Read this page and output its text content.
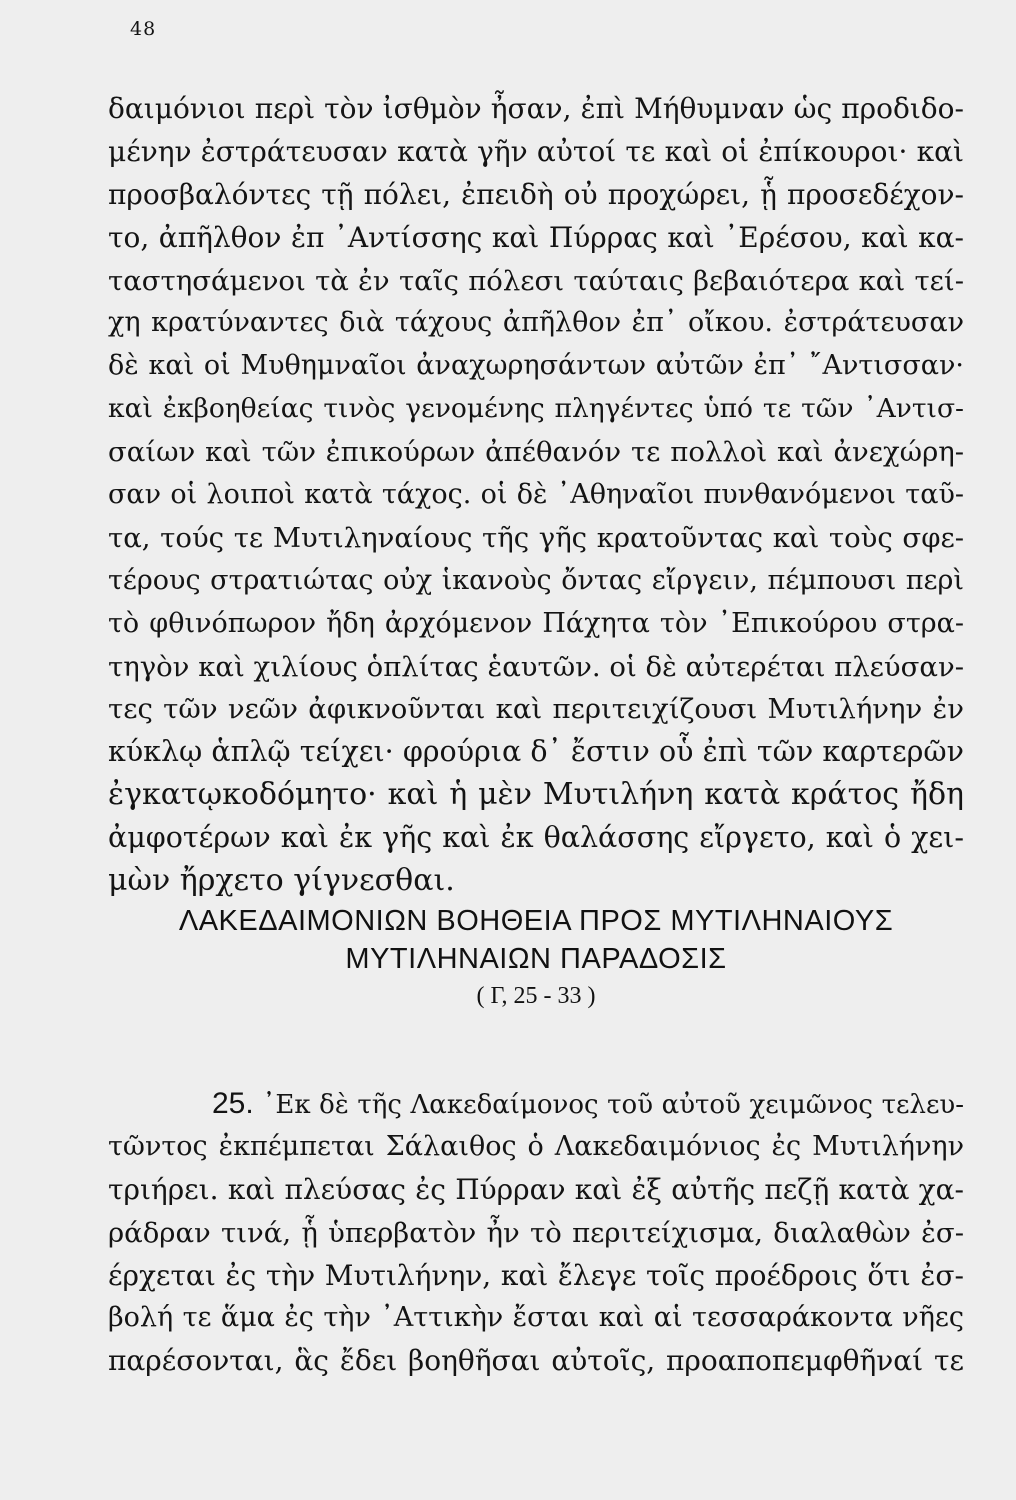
48
δαιμόνιοι περὶ τὸν ἰσθμὸν ἦσαν, ἐπὶ Μήθυμναν ὡς προδιδο-
μένην ἐστράτευσαν κατὰ γῆν αὐτοί τε καὶ οἱ ἐπίκουροι· καὶ
προσβαλόντες τῇ πόλει, ἐπειδὴ οὐ προχώρει, ᾗ προσεδέχον-
το, ἀπῆλθον ἐπ ᾿Αντίσσης καὶ Πύρρας καὶ ᾿Ερέσου, καὶ κα-
ταστησάμενοι τὰ ἐν ταῖς πόλεσι ταύταις βεβαιότερα καὶ τεί-
χη κρατύναντες διὰ τάχους ἀπῆλθον ἐπ᾿ οἴκου. ἐστράτευσαν
δὲ καὶ οἱ Μυθημναῖοι ἀναχωρησάντων αὐτῶν ἐπ᾿ ῎Αντισσαν·
καὶ ἐκβοηθείας τινὸς γενομένης πληγέντες ὑπό τε τῶν ᾿Αντισ-
σαίων καὶ τῶν ἐπικούρων ἀπέθανόν τε πολλοὶ καὶ ἀνεχώρη-
σαν οἱ λοιποὶ κατὰ τάχος. οἱ δὲ ᾿Αθηναῖοι πυνθανόμενοι ταῦ-
τα, τούς τε Μυτιληναίους τῆς γῆς κρατοῦντας καὶ τοὺς σφε-
τέρους στρατιώτας οὐχ ἱκανοὺς ὄντας εἴργειν, πέμπουσι περὶ
τὸ φθινόπωρον ἤδη ἀρχόμενον Πάχητα τὸν ᾿Επικούρου στρα-
τηγὸν καὶ χιλίους ὁπλίτας ἑαυτῶν. οἱ δὲ αὐτερέται πλεύσαν-
τες τῶν νεῶν ἀφικνοῦνται καὶ περιτειχίζουσι Μυτιλήνην ἐν
κύκλῳ ἁπλῷ τείχει· φρούρια δ᾿ ἔστιν οὗ ἐπὶ τῶν καρτερῶν
ἐγκατῳκοδόμητο· καὶ ἡ μὲν Μυτιλήνη κατὰ κράτος ἤδη
ἀμφοτέρων καὶ ἐκ γῆς καὶ ἐκ θαλάσσης εἴργετο, καὶ ὁ χει-
μὼν ἤρχετο γίγνεσθαι.
ΛΑΚΕΔΑΙΜΟΝΙΩΝ ΒΟΗΘΕΙΑ ΠΡΟΣ ΜΥΤΙΛΗΝΑΙΟΥΣ
ΜΥΤΙΛΗΝΑΙΩΝ ΠΑΡΑΔΟΣΙΣ
( Γ, 25 - 33 )
25. ᾿Εκ δὲ τῆς Λακεδαίμονος τοῦ αὐτοῦ χειμῶνος τελευ-
τῶντος ἐκπέμπεται Σάλαιθος ὁ Λακεδαιμόνιος ἐς Μυτιλήνην
τριήρει. καὶ πλεύσας ἐς Πύρραν καὶ ἐξ αὐτῆς πεζῇ κατὰ χα-
ράδραν τινά, ᾗ ὑπερβατὸν ἦν τὸ περιτείχισμα, διαλαθὼν ἐσ-
έρχεται ἐς τὴν Μυτιλήνην, καὶ ἔλεγε τοῖς προέδροις ὅτι ἐσ-
βολή τε ἅμα ἐς τὴν ᾿Αττικὴν ἔσται καὶ αἱ τεσσαράκοντα νῆες
παρέσονται, ἃς ἔδει βοηθῆσαι αὐτοῖς, προαποπεμφθῆναί τε
